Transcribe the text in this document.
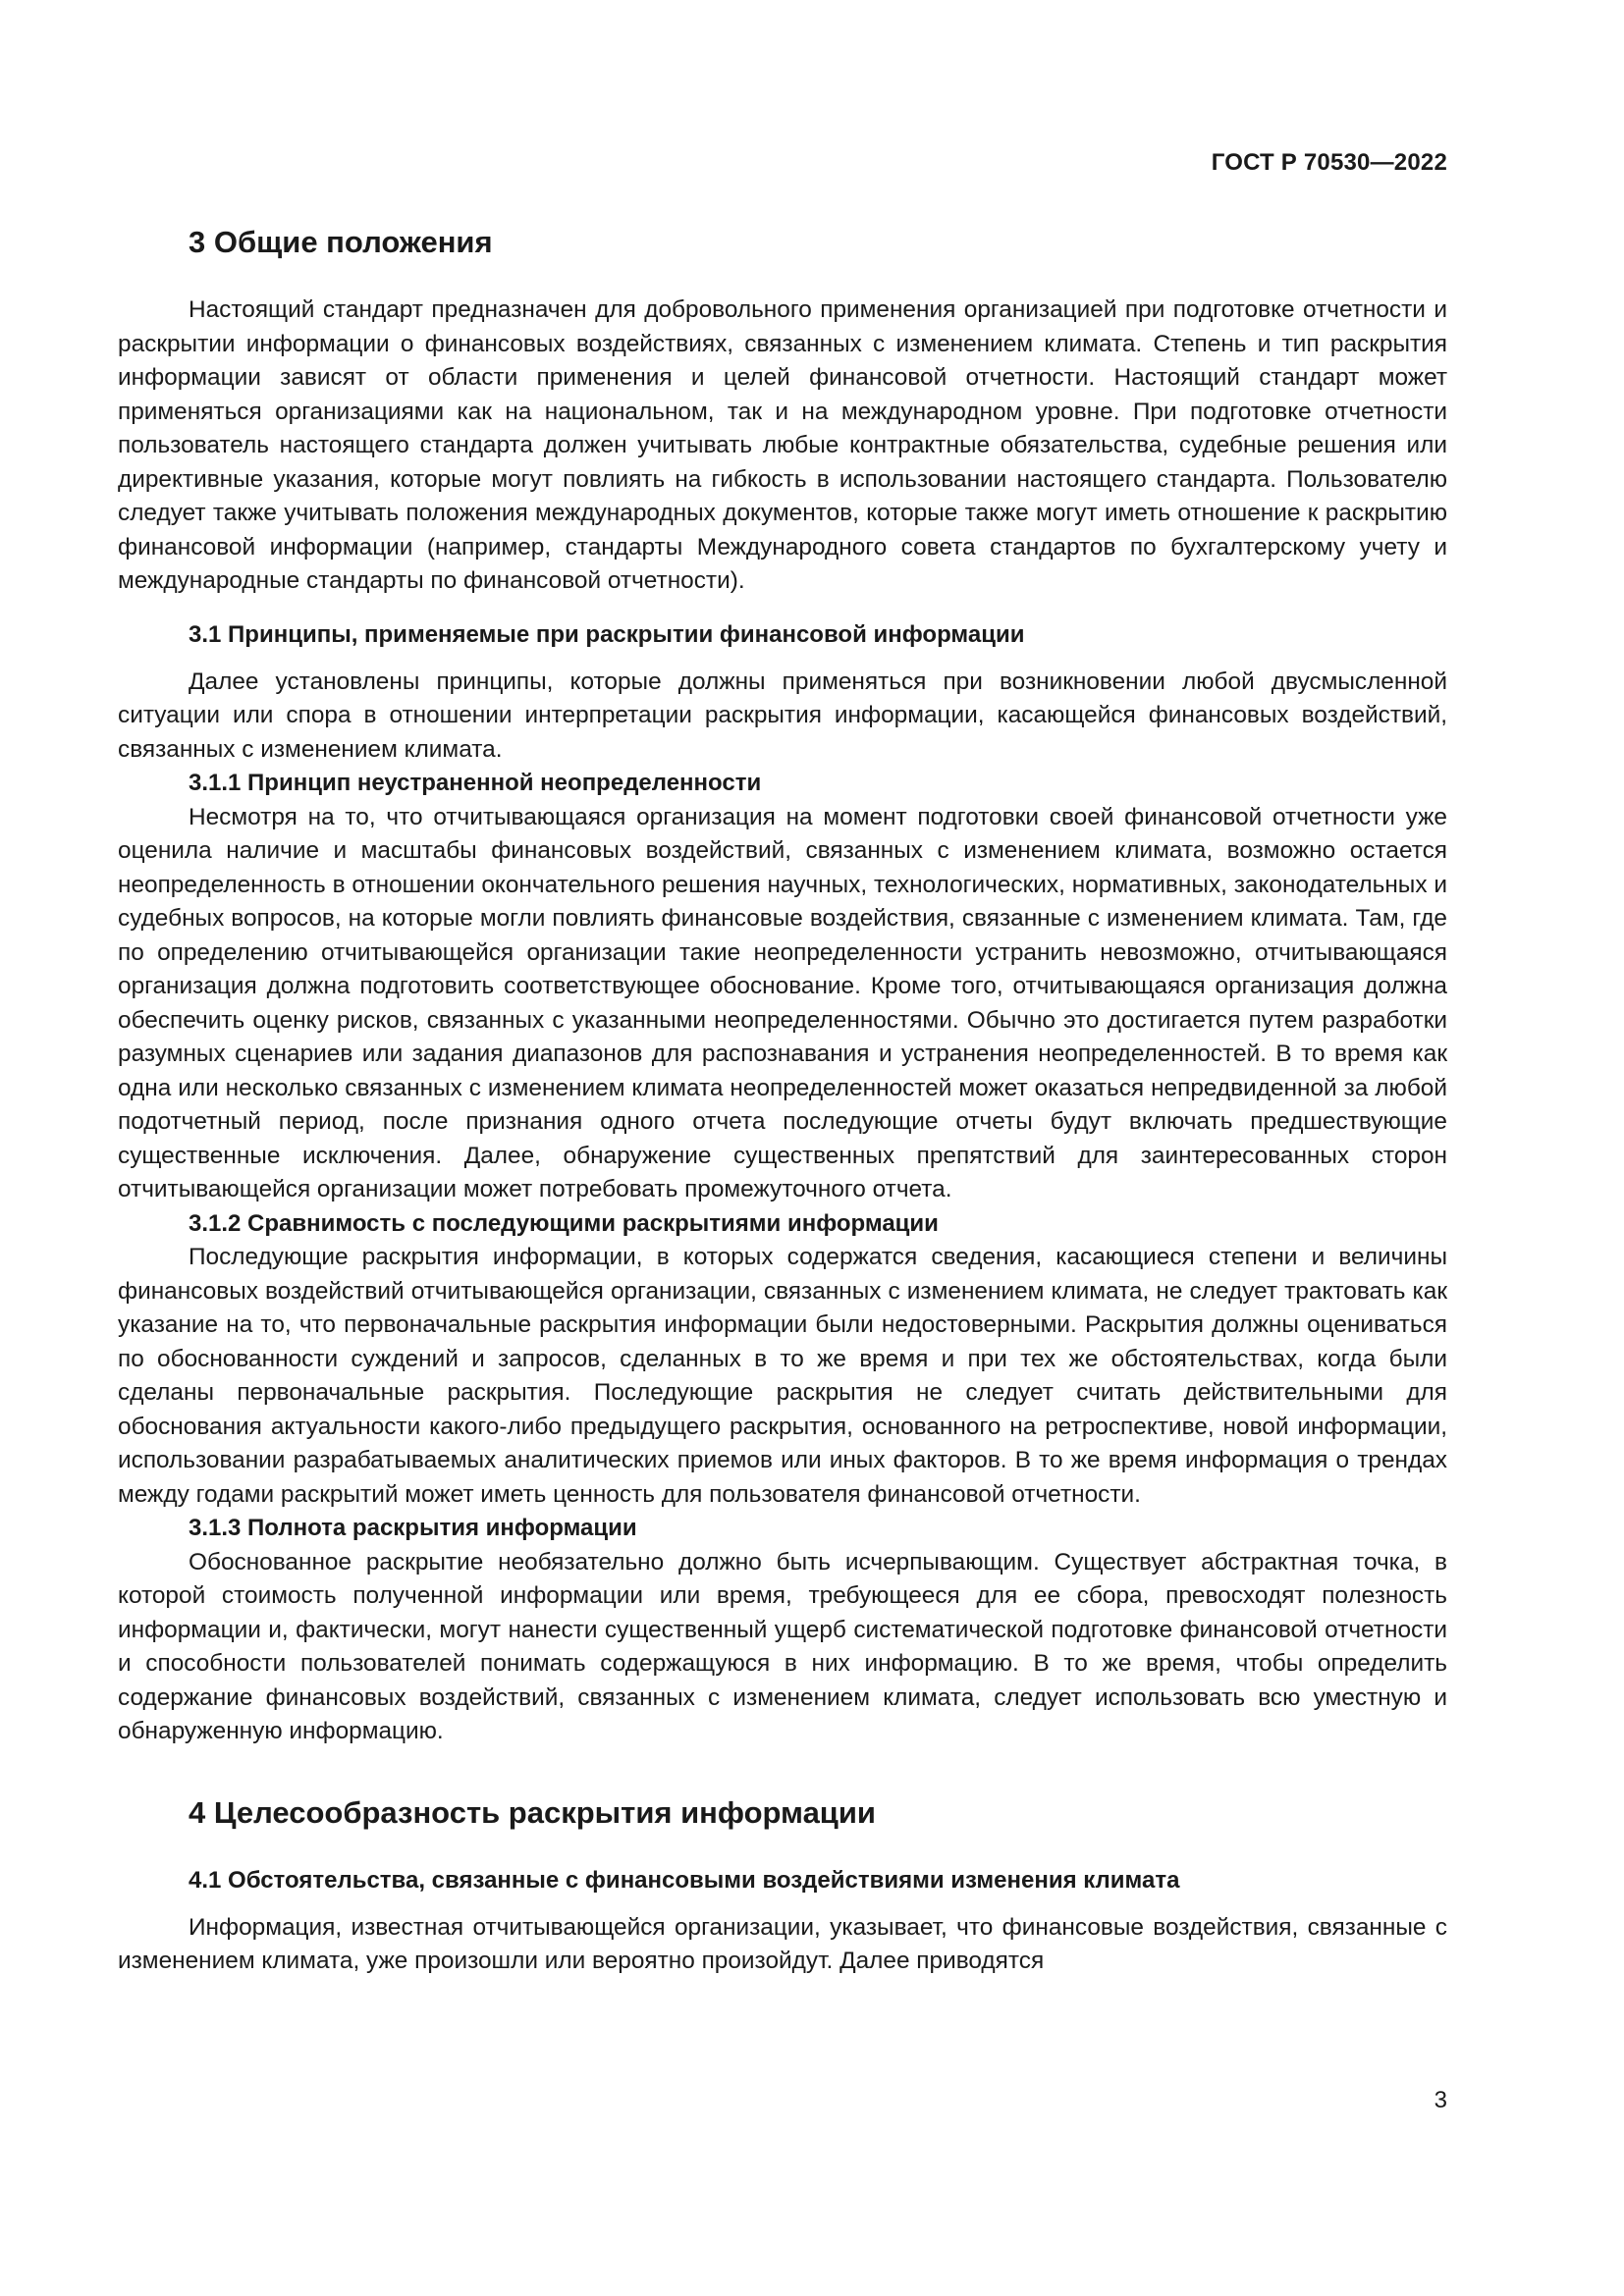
ГОСТ Р 70530—2022
3 Общие положения

Настоящий стандарт предназначен для добровольного применения организацией при подготовке отчетности и раскрытии информации о финансовых воздействиях, связанных с изменением климата. Степень и тип раскрытия информации зависят от области применения и целей финансовой отчетности. Настоящий стандарт может применяться организациями как на национальном, так и на международном уровне. При подготовке отчетности пользователь настоящего стандарта должен учитывать любые контрактные обязательства, судебные решения или директивные указания, которые могут повлиять на гибкость в использовании настоящего стандарта. Пользователю следует также учитывать положения международных документов, которые также могут иметь отношение к раскрытию финансовой информации (например, стандарты Международного совета стандартов по бухгалтерскому учету и международные стандарты по финансовой отчетности).

3.1 Принципы, применяемые при раскрытии финансовой информации

Далее установлены принципы, которые должны применяться при возникновении любой двусмысленной ситуации или спора в отношении интерпретации раскрытия информации, касающейся финансовых воздействий, связанных с изменением климата.

3.1.1 Принцип неустраненной неопределенности

Несмотря на то, что отчитывающаяся организация на момент подготовки своей финансовой отчетности уже оценила наличие и масштабы финансовых воздействий, связанных с изменением климата, возможно остается неопределенность в отношении окончательного решения научных, технологических, нормативных, законодательных и судебных вопросов, на которые могли повлиять финансовые воздействия, связанные с изменением климата. Там, где по определению отчитывающейся организации такие неопределенности устранить невозможно, отчитывающаяся организация должна подготовить соответствующее обоснование. Кроме того, отчитывающаяся организация должна обеспечить оценку рисков, связанных с указанными неопределенностями. Обычно это достигается путем разработки разумных сценариев или задания диапазонов для распознавания и устранения неопределенностей. В то время как одна или несколько связанных с изменением климата неопределенностей может оказаться непредвиденной за любой подотчетный период, после признания одного отчета последующие отчеты будут включать предшествующие существенные исключения. Далее, обнаружение существенных препятствий для заинтересованных сторон отчитывающейся организации может потребовать промежуточного отчета.

3.1.2 Сравнимость с последующими раскрытиями информации

Последующие раскрытия информации, в которых содержатся сведения, касающиеся степени и величины финансовых воздействий отчитывающейся организации, связанных с изменением климата, не следует трактовать как указание на то, что первоначальные раскрытия информации были недостоверными. Раскрытия должны оцениваться по обоснованности суждений и запросов, сделанных в то же время и при тех же обстоятельствах, когда были сделаны первоначальные раскрытия. Последующие раскрытия не следует считать действительными для обоснования актуальности какого-либо предыдущего раскрытия, основанного на ретроспективе, новой информации, использовании разрабатываемых аналитических приемов или иных факторов. В то же время информация о трендах между годами раскрытий может иметь ценность для пользователя финансовой отчетности.

3.1.3 Полнота раскрытия информации

Обоснованное раскрытие необязательно должно быть исчерпывающим. Существует абстрактная точка, в которой стоимость полученной информации или время, требующееся для ее сбора, превосходят полезность информации и, фактически, могут нанести существенный ущерб систематической подготовке финансовой отчетности и способности пользователей понимать содержащуюся в них информацию. В то же время, чтобы определить содержание финансовых воздействий, связанных с изменением климата, следует использовать всю уместную и обнаруженную информацию.

4 Целесообразность раскрытия информации
4.1 Обстоятельства, связанные с финансовыми воздействиями изменения климата

Информация, известная отчитывающейся организации, указывает, что финансовые воздействия, связанные с изменением климата, уже произошли или вероятно произойдут. Далее приводятся

3
